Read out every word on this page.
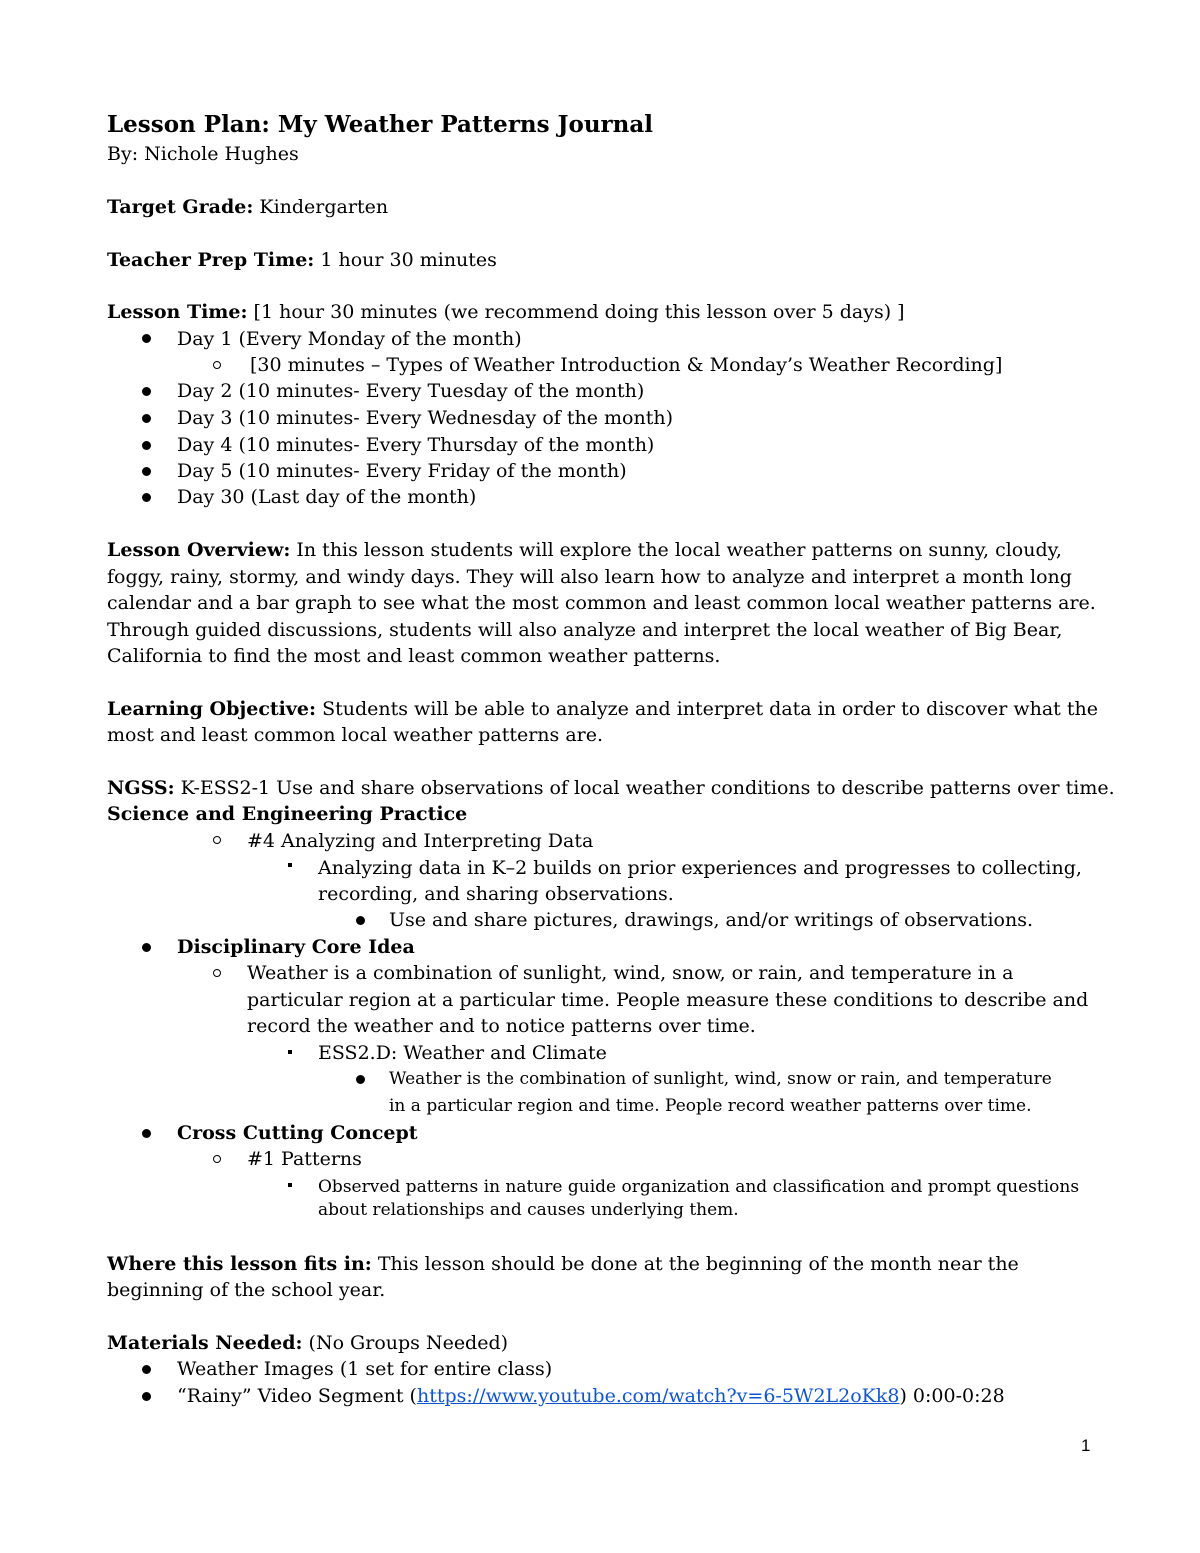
Lesson Plan: My Weather Patterns Journal
By: Nichole Hughes
Target Grade: Kindergarten
Teacher Prep Time: 1 hour 30 minutes
Lesson Time: [1 hour 30 minutes (we recommend doing this lesson over 5 days) ]
Day 1 (Every Monday of the month)
[30 minutes – Types of Weather Introduction & Monday’s Weather Recording]
Day 2 (10 minutes- Every Tuesday of the month)
Day 3 (10 minutes- Every Wednesday of the month)
Day 4 (10 minutes- Every Thursday of the month)
Day 5 (10 minutes- Every Friday of the month)
Day 30 (Last day of the month)
Lesson Overview: In this lesson students will explore the local weather patterns on sunny, cloudy,
foggy, rainy, stormy, and windy days. They will also learn how to analyze and interpret a month long
calendar and a bar graph to see what the most common and least common local weather patterns are.
Through guided discussions, students will also analyze and interpret the local weather of Big Bear,
California to find the most and least common weather patterns.
Learning Objective: Students will be able to analyze and interpret data in order to discover what the
most and least common local weather patterns are.
NGSS: K-ESS2-1 Use and share observations of local weather conditions to describe patterns over time.
Science and Engineering Practice
#4 Analyzing and Interpreting Data
Analyzing data in K–2 builds on prior experiences and progresses to collecting,
recording, and sharing observations.
Use and share pictures, drawings, and/or writings of observations.
Disciplinary Core Idea
Weather is a combination of sunlight, wind, snow, or rain, and temperature in a
particular region at a particular time. People measure these conditions to describe and
record the weather and to notice patterns over time.
ESS2.D: Weather and Climate
Weather is the combination of sunlight, wind, snow or rain, and temperature
in a particular region and time. People record weather patterns over time.
Cross Cutting Concept
#1 Patterns
Observed patterns in nature guide organization and classification and prompt questions
about relationships and causes underlying them.
Where this lesson fits in: This lesson should be done at the beginning of the month near the
beginning of the school year.
Materials Needed: (No Groups Needed)
Weather Images (1 set for entire class)
“Rainy” Video Segment (https://www.youtube.com/watch?v=6-5W2L2oKk8) 0:00-0:28
1
